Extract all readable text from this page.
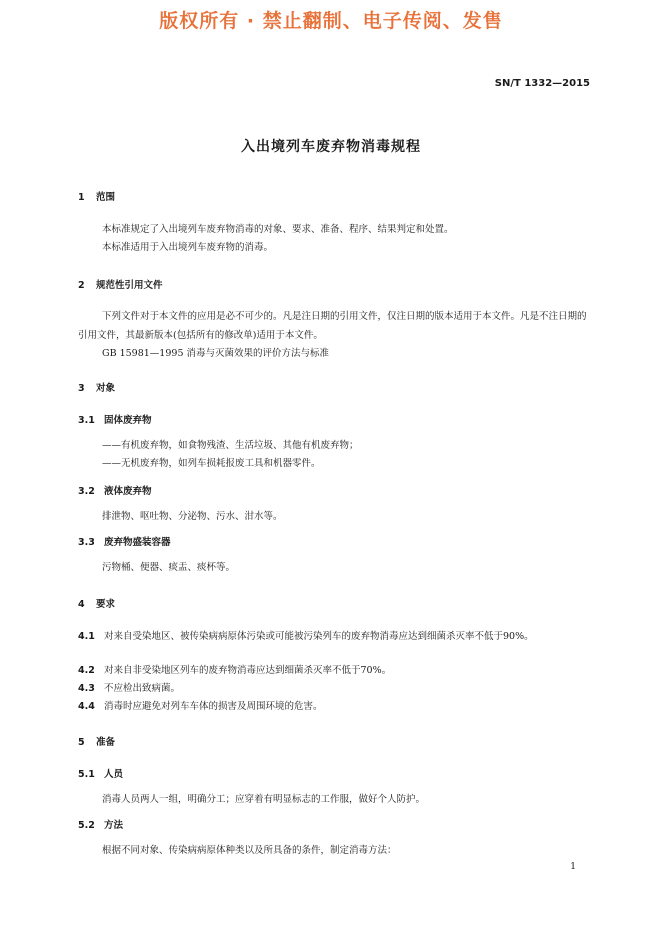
版权所有 · 禁止翻制、电子传阅、发售
SN/T 1332—2015
入出境列车废弃物消毒规程
1 范围
本标准规定了入出境列车废弃物消毒的对象、要求、准备、程序、结果判定和处置。
本标准适用于入出境列车废弃物的消毒。
2 规范性引用文件
下列文件对于本文件的应用是必不可少的。凡是注日期的引用文件，仅注日期的版本适用于本文件。凡是不注日期的引用文件，其最新版本(包括所有的修改单)适用于本文件。
GB 15981—1995 消毒与灭菌效果的评价方法与标准
3 对象
3.1 固体废弃物
——有机废弃物，如食物残渣、生活垃圾、其他有机废弃物；
——无机废弃物，如列车损耗报废工具和机器零件。
3.2 液体废弃物
排泄物、呕吐物、分泌物、污水、泔水等。
3.3 废弃物盛装容器
污物桶、便器、痰盂、痰杯等。
4 要求
4.1 对来自受染地区、被传染病病原体污染或可能被污染列车的废弃物消毒应达到细菌杀灭率不低于90%。
4.2 对来自非受染地区列车的废弃物消毒应达到细菌杀灭率不低于70%。
4.3 不应检出致病菌。
4.4 消毒时应避免对列车车体的损害及周围环境的危害。
5 准备
5.1 人员
消毒人员两人一组，明确分工；应穿着有明显标志的工作服，做好个人防护。
5.2 方法
根据不同对象、传染病病原体种类以及所具备的条件，制定消毒方法：
1
